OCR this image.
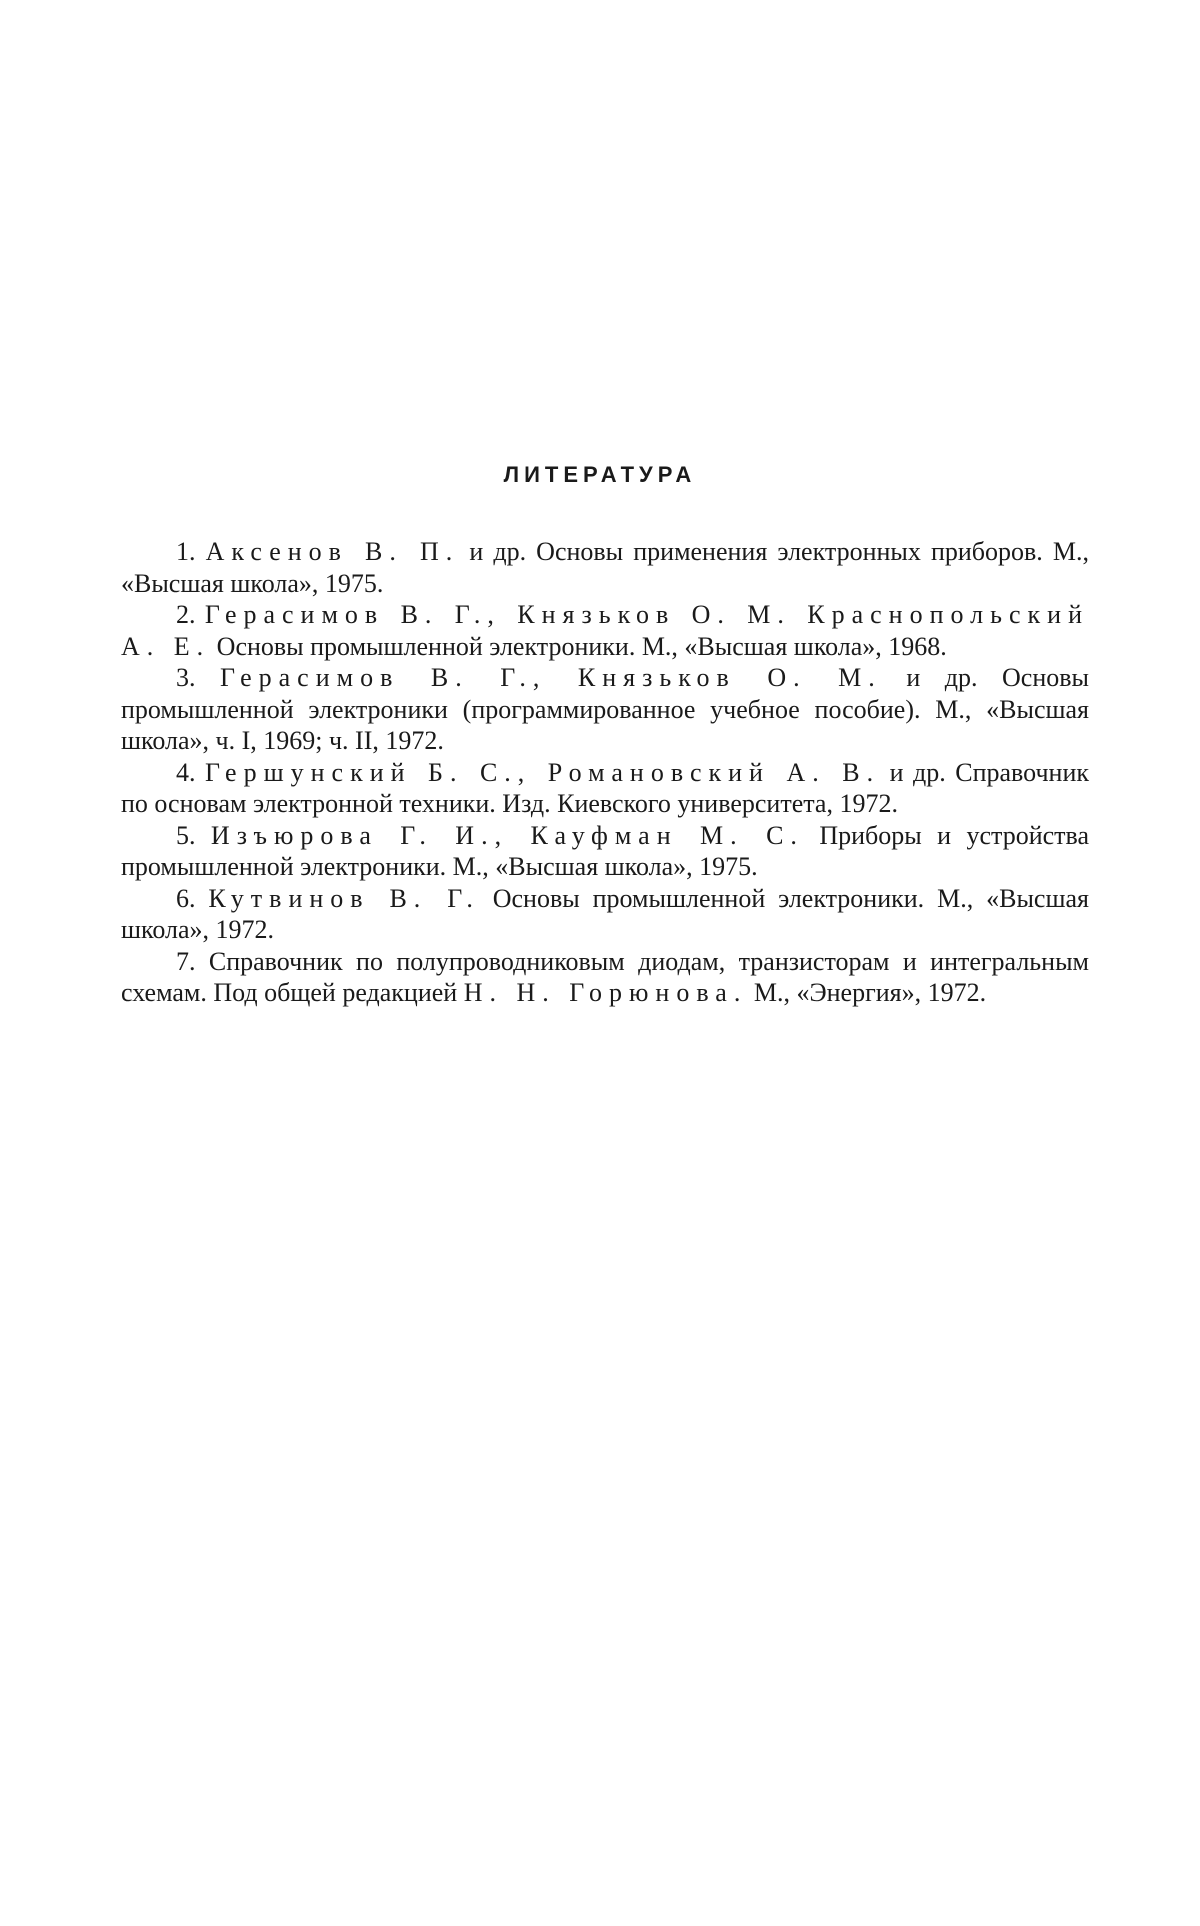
ЛИТЕРАТУРА
1. Аксенов В. П. и др. Основы применения электронных приборов. М., «Высшая школа», 1975.
2. Герасимов В. Г., Князьков О. М. Краснопольский А. Е. Основы промышленной электроники. М., «Высшая школа», 1968.
3. Герасимов В. Г., Князьков О. М. и др. Основы промышленной электроники (программированное учебное пособие). М., «Высшая школа», ч. I, 1969; ч. II, 1972.
4. Гершунский Б. С., Романовский А. В. и др. Справочник по основам электронной техники. Изд. Киевского университета, 1972.
5. Изъюрова Г. И., Кауфман М. С. Приборы и устройства промышленной электроники. М., «Высшая школа», 1975.
6. Кутвинов В. Г. Основы промышленной электроники. М., «Высшая школа», 1972.
7. Справочник по полупроводниковым диодам, транзисторам и интегральным схемам. Под общей редакцией Н. Н. Горюнова. М., «Энергия», 1972.
